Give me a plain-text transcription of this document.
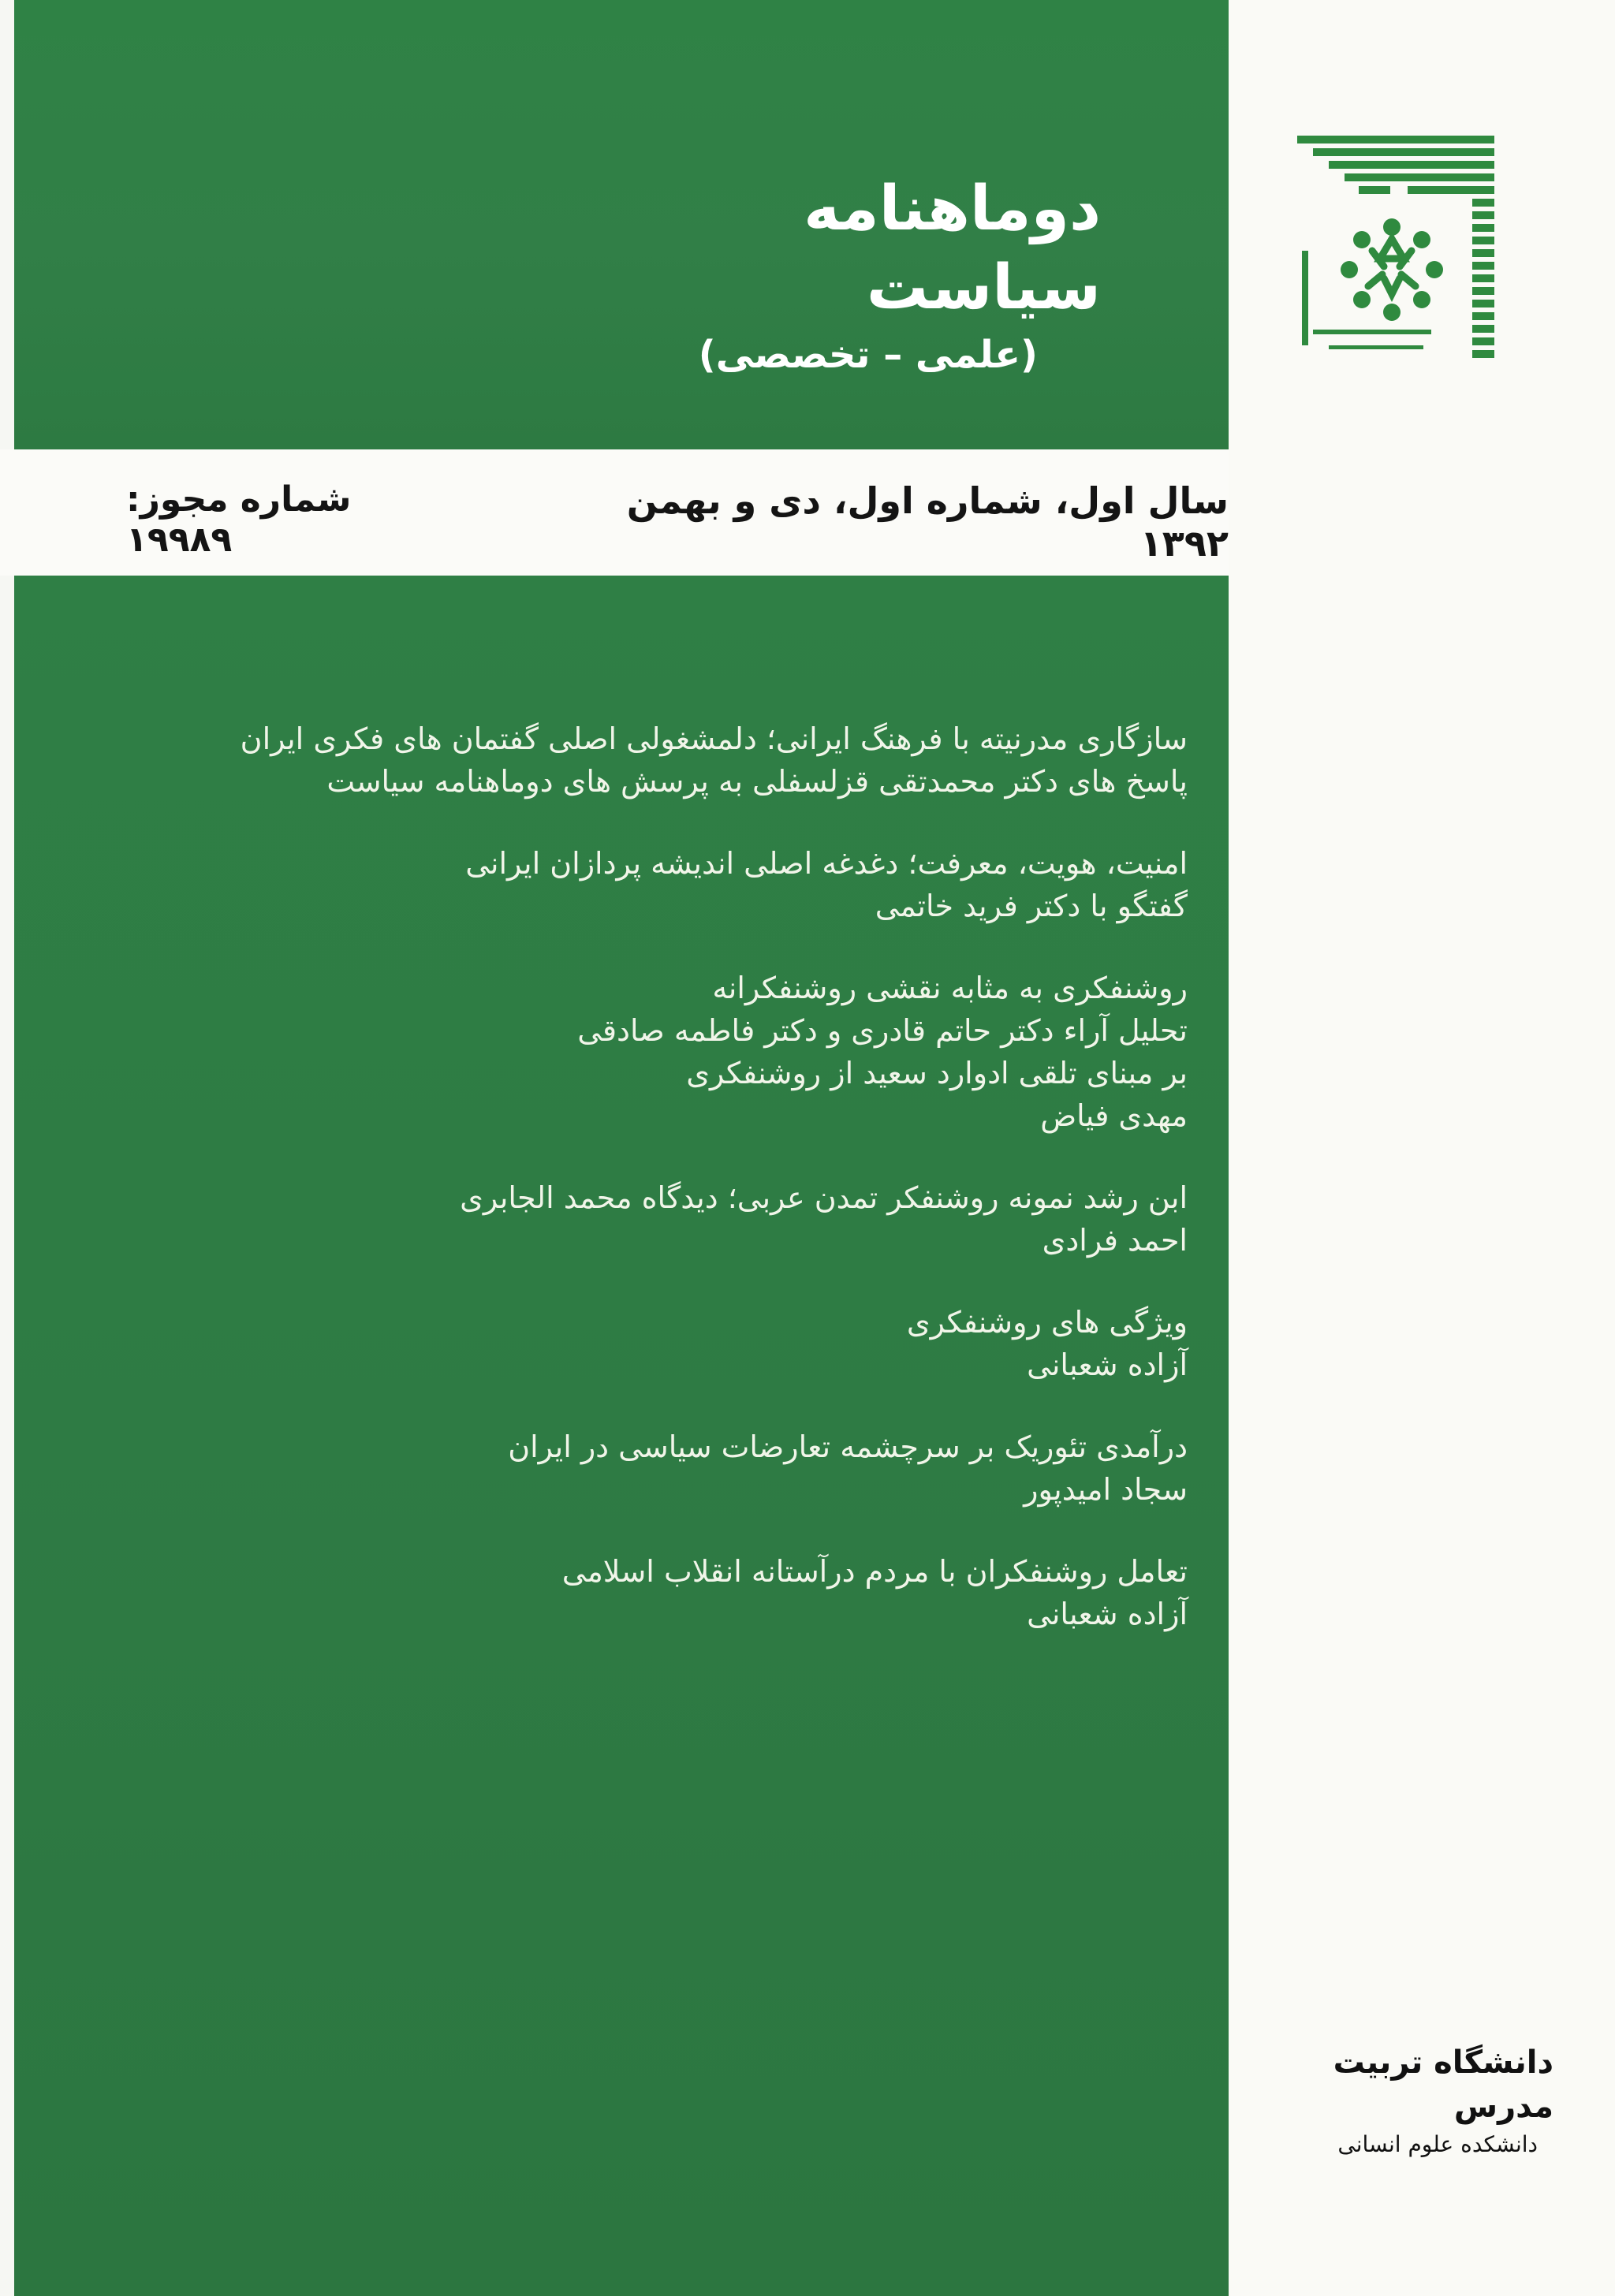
دوماهنامه سیاست
(علمی – تخصصی)
سال اول، شماره اول، دی و بهمن ۱۳۹۲
شماره مجوز: ۱۹۹۸۹
سازگاری مدرنیته با فرهنگ ایرانی؛ دلمشغولی اصلی گفتمان های فکری ایران
پاسخ های دکتر محمدتقی قزلسفلی به پرسش های دوماهنامه سیاست
امنیت، هویت، معرفت؛ دغدغه اصلی اندیشه پردازان ایرانی
گفتگو با دکتر فرید خاتمی
روشنفکری به مثابه نقشی روشنفکرانه
تحلیل آراء دکتر حاتم قادری و دکتر فاطمه صادقی
بر مبنای تلقی ادوارد سعید از روشنفکری
مهدی فیاض
ابن رشد نمونه روشنفکر تمدن عربی؛ دیدگاه محمد الجابری
احمد فرادی
ویژگی های روشنفکری
آزاده شعبانی
درآمدی تئوریک بر سرچشمه تعارضات سیاسی در ایران
سجاد امیدپور
تعامل روشنفکران با مردم درآستانه انقلاب اسلامی
آزاده شعبانی
دانشگاه تربیت مدرس
دانشکده علوم انسانی
